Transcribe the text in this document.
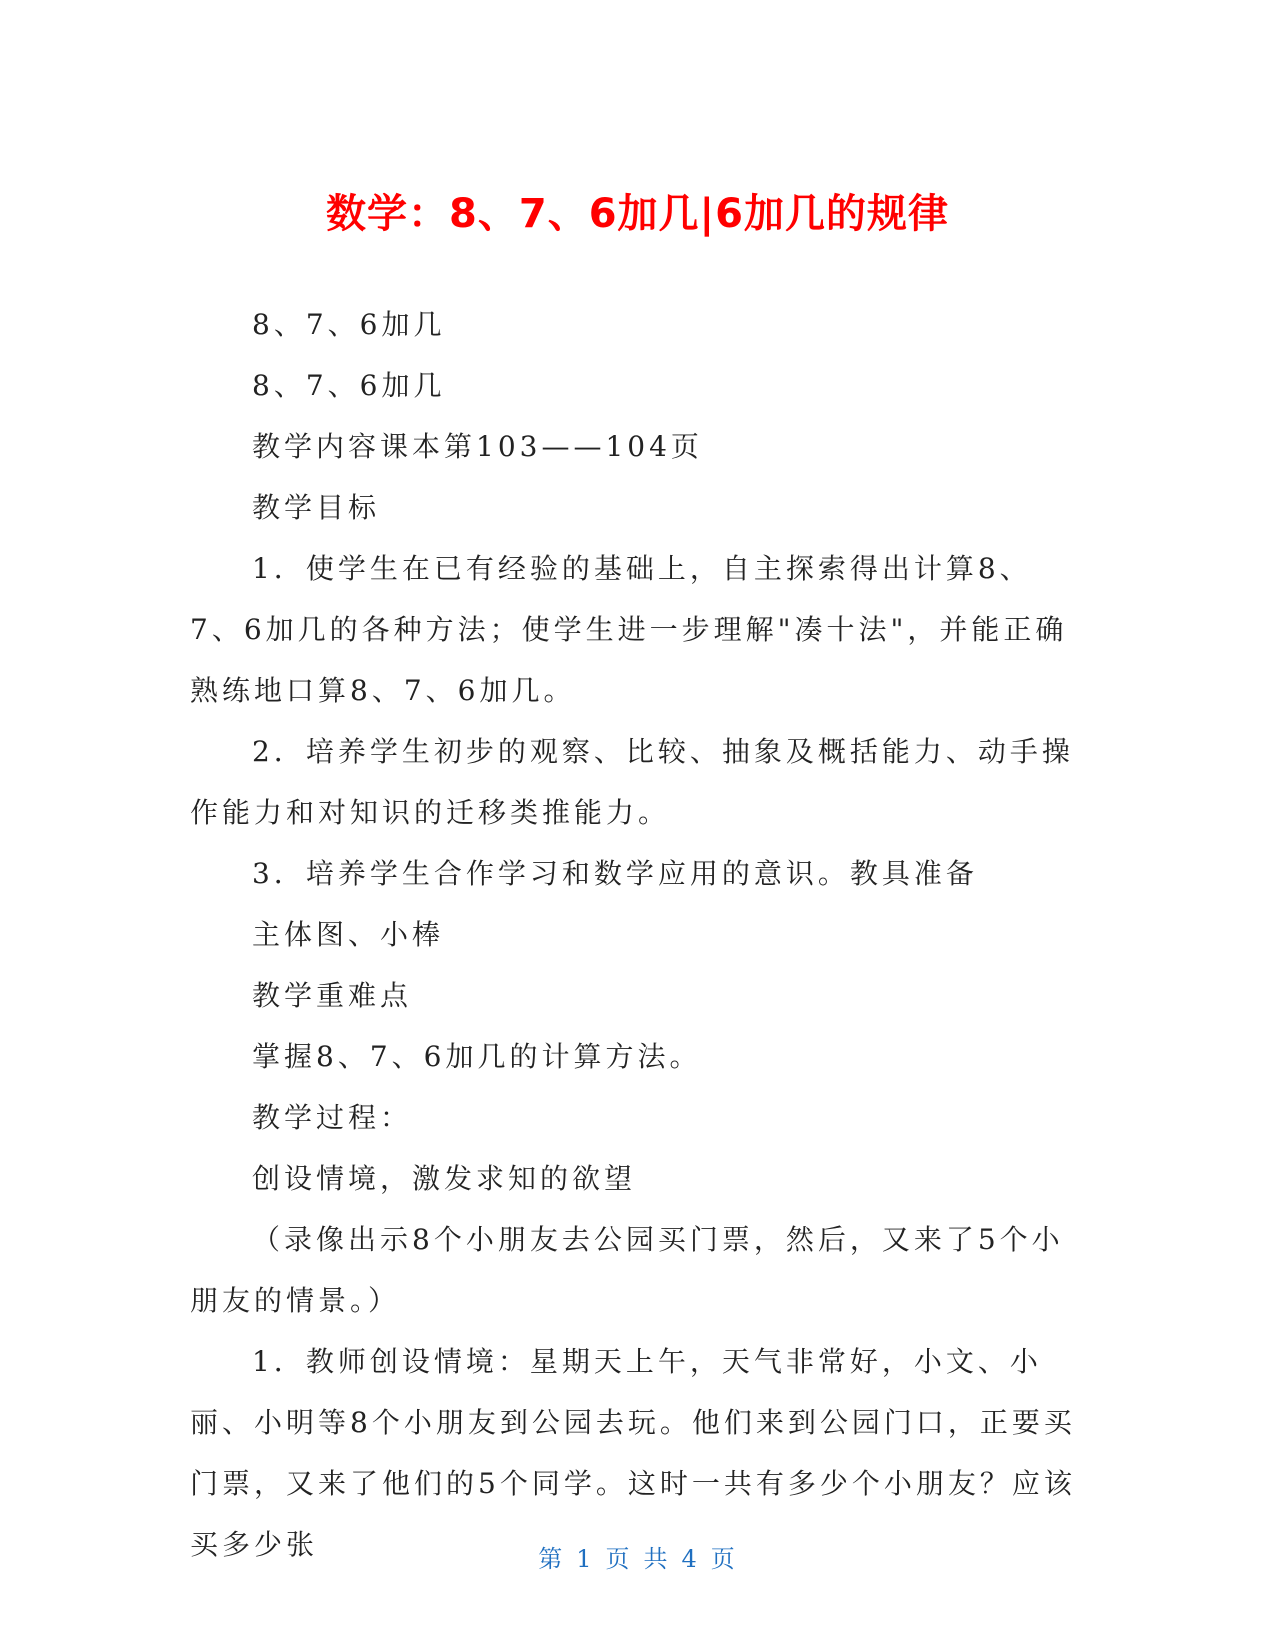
数学：8、7、6加几|6加几的规律

8、7、6加几

8、7、6加几

教学内容课本第103——104页

教学目标

1．使学生在已有经验的基础上，自主探索得出计算8、7、6加几的各种方法；使学生进一步理解"凑十法"，并能正确熟练地口算8、7、6加几。

2．培养学生初步的观察、比较、抽象及概括能力、动手操作能力和对知识的迁移类推能力。

3．培养学生合作学习和数学应用的意识。教具准备

主体图、小棒

教学重难点

掌握8、7、6加几的计算方法。

教学过程：

创设情境，激发求知的欲望

（录像出示8个小朋友去公园买门票，然后，又来了5个小朋友的情景。）

1．教师创设情境：星期天上午，天气非常好，小文、小丽、小明等8个小朋友到公园去玩。他们来到公园门口，正要买门票，又来了他们的5个同学。这时一共有多少个小朋友？应该买多少张	第 1 页 共 4 页
